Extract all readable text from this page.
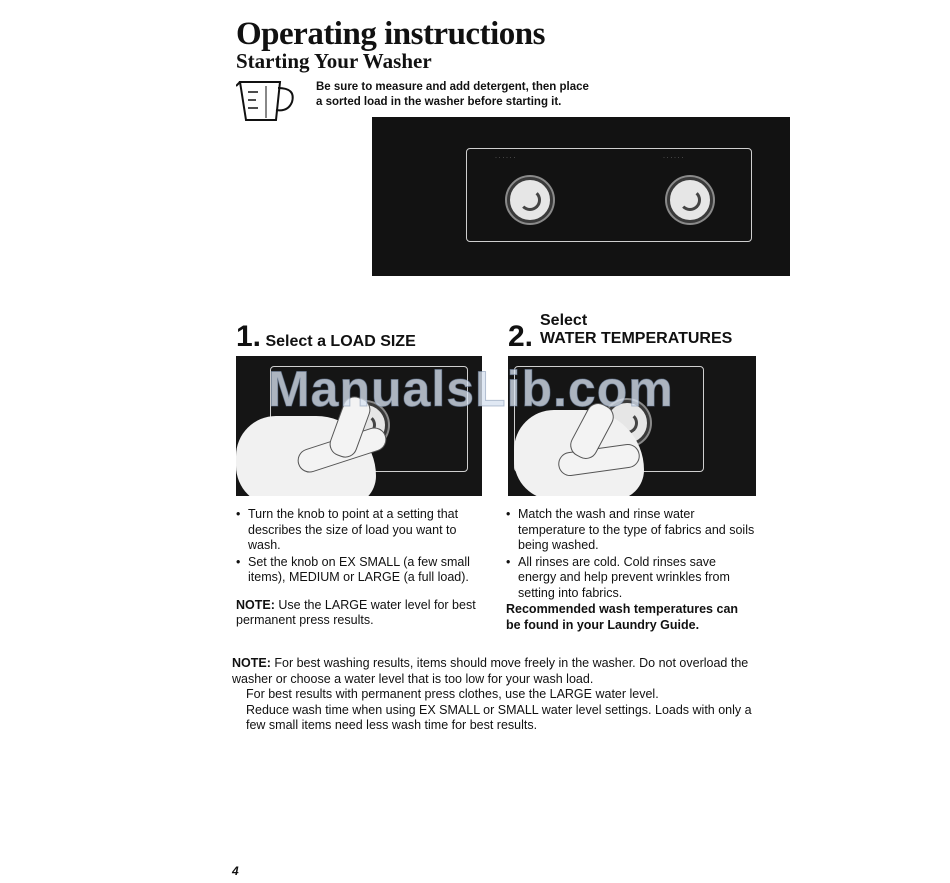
Operating instructions
Starting Your Washer
Be sure to measure and add detergent, then place
a sorted load in the washer before starting it.
· · · · · ·	· · · · · ·
1. Select a LOAD SIZE	2. Select
WATER TEMPERATURES
• Turn the knob to point at a setting that describes the size of load you want to wash.
• Set the knob on EX SMALL (a few small items), MEDIUM or LARGE (a full load).
NOTE: Use the LARGE water level for best permanent press results.
• Match the wash and rinse water temperature to the type of fabrics and soils being washed.
• All rinses are cold. Cold rinses save energy and help prevent wrinkles from setting into fabrics.
Recommended wash temperatures can be found in your Laundry Guide.

NOTE: For best washing results, items should move freely in the washer. Do not overload the washer or choose a water level that is too low for your wash load.

For best results with permanent press clothes, use the LARGE water level.

Reduce wash time when using EX SMALL or SMALL water level settings. Loads with only a few small items need less wash time for best results.

ManualsLib.com
4
